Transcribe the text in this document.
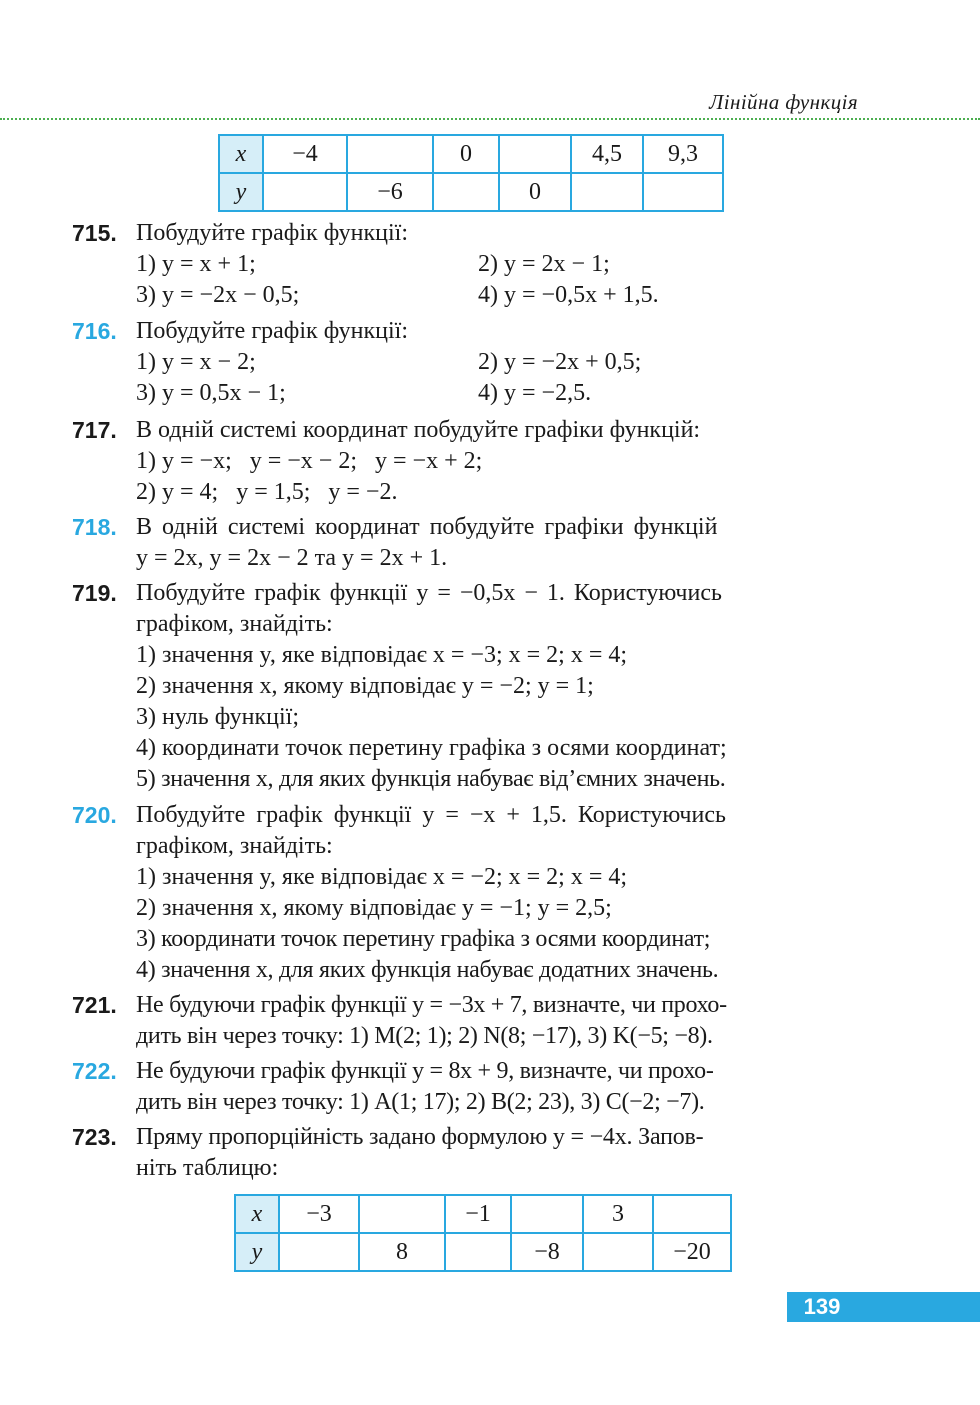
Лінійна функція
x	−4		0		4,5	9,3
y		−6		0		
715. Побудуйте графік функції:
1) y = x + 1;	2) y = 2x − 1;
3) y = −2x − 0,5;	4) y = −0,5x + 1,5.
716. Побудуйте графік функції:
1) y = x − 2;	2) y = −2x + 0,5;
3) y = 0,5x − 1;	4) y = −2,5.
717. В одній системі координат побудуйте графіки функцій:
1) y = −x;   y = −x − 2;   y = −x + 2;
2) y = 4;   y = 1,5;   y = −2.
718. В одній системі координат побудуйте графіки функцій
y = 2x, y = 2x − 2 та y = 2x + 1.
719. Побудуйте графік функції y = −0,5x − 1. Користуючись
графіком, знайдіть:
1) значення y, яке відповідає x = −3; x = 2; x = 4;
2) значення x, якому відповідає y = −2; y = 1;
3) нуль функції;
4) координати точок перетину графіка з осями координат;
5) значення x, для яких функція набуває від’ємних значень.
720. Побудуйте графік функції y = −x + 1,5. Користуючись
графіком, знайдіть:
1) значення y, яке відповідає x = −2; x = 2; x = 4;
2) значення x, якому відповідає y = −1; y = 2,5;
3) координати точок перетину графіка з осями координат;
4) значення x, для яких функція набуває додатних значень.
721. Не будуючи графік функції y = −3x + 7, визначте, чи прохо-
дить він через точку: 1) M(2; 1); 2) N(8; −17), 3) K(−5; −8).
722. Не будуючи графік функції y = 8x + 9, визначте, чи прохо-
дить він через точку: 1) A(1; 17); 2) B(2; 23), 3) C(−2; −7).
723. Пряму пропорційність задано формулою y = −4x. Запов-
ніть таблицю:
x	−3		−1		3	
y		8		−8		−20
139
